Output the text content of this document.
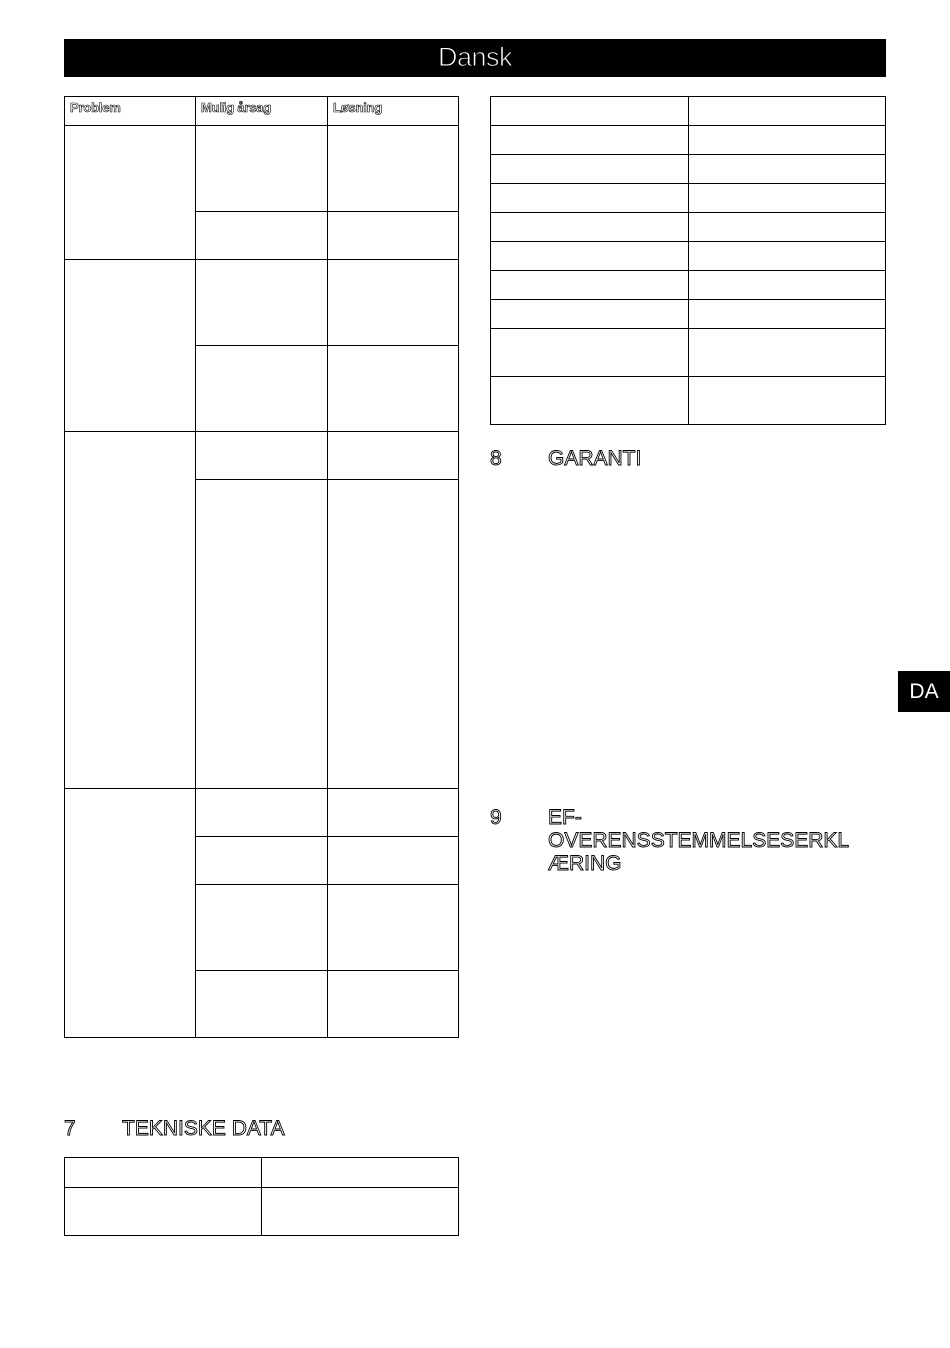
Dansk
DA
Problem	Mulig årsag	Løsning

7 TEKNISKE DATA

8 GARANTI
9 EF-
OVERENSSTEMMELSESERKL
ÆRING
